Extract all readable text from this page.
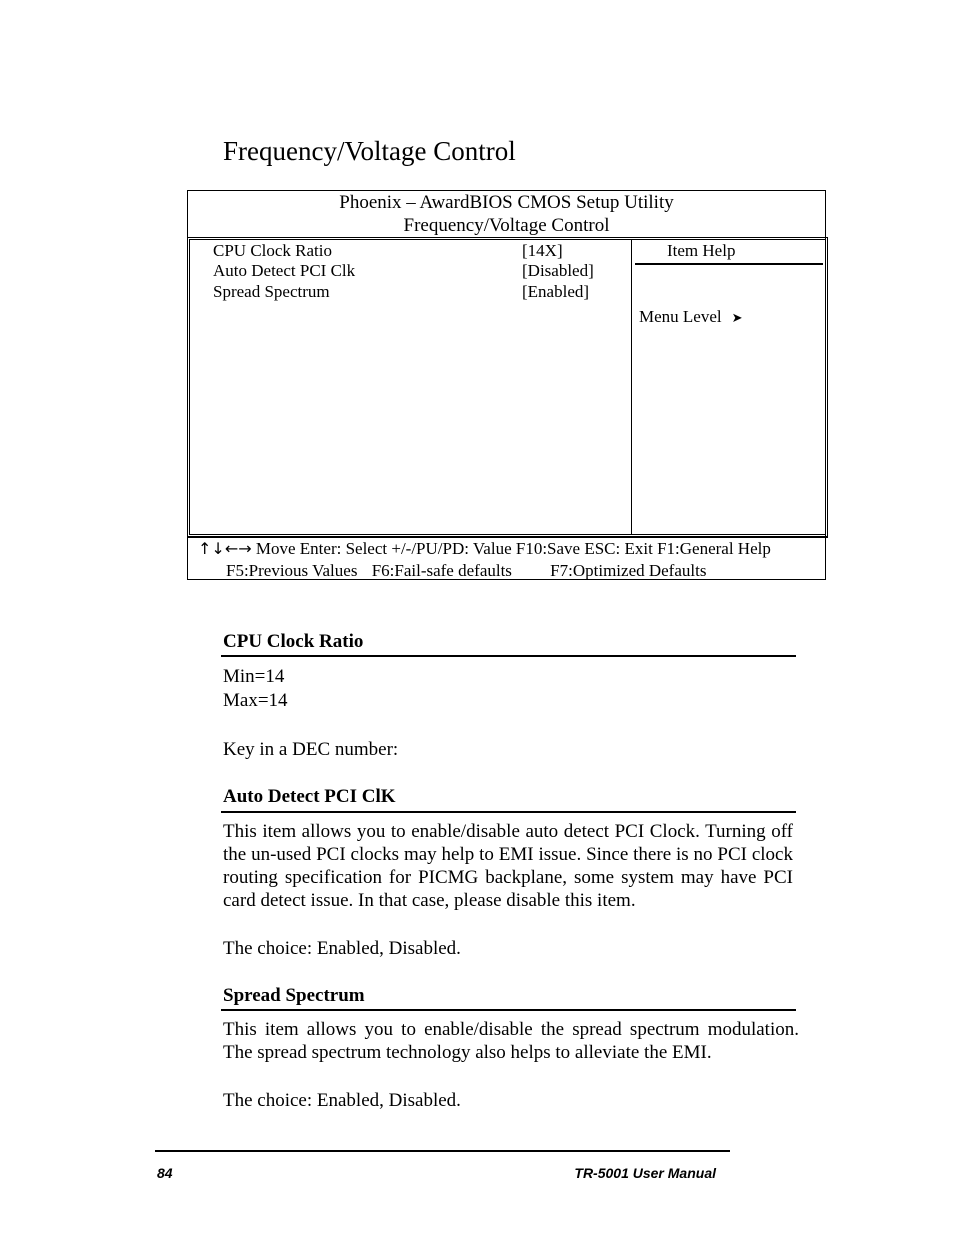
Frequency/Voltage Control
Phoenix – AwardBIOS CMOS Setup Utility
Frequency/Voltage Control
CPU Clock Ratio	[14X]
Auto Detect PCI Clk	[Disabled]
Spread Spectrum	[Enabled]
Item Help
Menu Level ➤
↑↓←→ Move Enter: Select +/-/PU/PD: Value F10:Save ESC: Exit F1:General Help
F5:Previous Values F6:Fail-safe defaults F7:Optimized Defaults
CPU Clock Ratio
Min=14
Max=14
Key in a DEC number:
Auto Detect PCI ClK
This item allows you to enable/disable auto detect PCI Clock. Turning off the un-used PCI clocks may help to EMI issue. Since there is no PCI clock routing specification for PICMG backplane, some system may have PCI card detect issue. In that case, please disable this item.
The choice: Enabled, Disabled.
Spread Spectrum
This item allows you to enable/disable the spread spectrum modulation. The spread spectrum technology also helps to alleviate the EMI.
The choice: Enabled, Disabled.
84	TR-5001 User Manual
